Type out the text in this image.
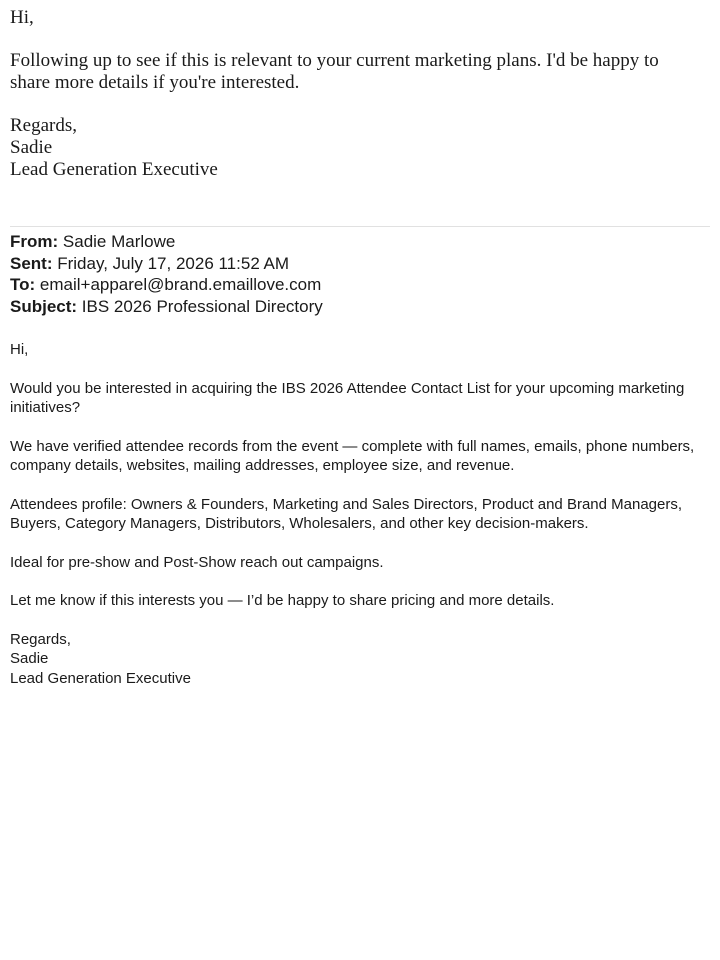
Hi,

Following up to see if this is relevant to your current marketing plans. I'd be happy to share more details if you're interested.

Regards,
Sadie
Lead Generation Executive
From: Sadie Marlowe
Sent: Friday, July 17, 2026 11:52 AM
To: email+apparel@brand.emaillove.com
Subject: IBS 2026 Professional Directory

Hi,

Would you be interested in acquiring the IBS 2026 Attendee Contact List for your upcoming marketing initiatives?

We have verified attendee records from the event — complete with full names, emails, phone numbers, company details, websites, mailing addresses, employee size, and revenue.

Attendees profile: Owners & Founders, Marketing and Sales Directors, Product and Brand Managers, Buyers, Category Managers, Distributors, Wholesalers, and other key decision-makers.

Ideal for pre-show and Post-Show reach out campaigns.

Let me know if this interests you — I’d be happy to share pricing and more details.

Regards,
Sadie
Lead Generation Executive
